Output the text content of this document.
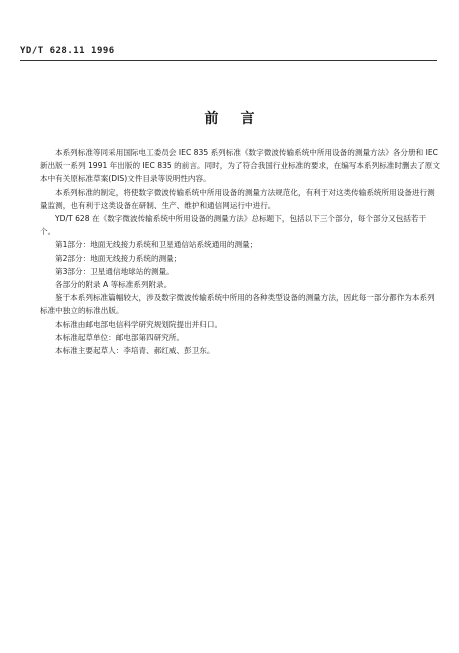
YD/T 628.11 1996
前言

本系列标准等同采用国际电工委员会 IEC 835 系列标准《数字微波传输系统中所用设备的测量方法》各分册和 IEC 新出版一系列 1991 年出版的 IEC 835 的前言。同时，为了符合我国行业标准的要求，在编写本系列标准时删去了原文本中有关原标准草案(DIS)文件目录等说明性内容。

本系列标准的制定，将使数字微波传输系统中所用设备的测量方法规范化，有利于对这类传输系统所用设备进行测量监测，也有利于这类设备在研制、生产、维护和通信网运行中进行。

YD/T 628 在《数字微波传输系统中所用设备的测量方法》总标题下，包括以下三个部分，每个部分又包括若干个。

第1部分：地面无线接力系统和卫星通信站系统通用的测量；

第2部分：地面无线接力系统的测量；

第3部分：卫星通信地球站的测量。

各部分的附录 A 等标准系列附录。

鉴于本系列标准篇幅较大，涉及数字微波传输系统中所用的各种类型设备的测量方法，因此每一部分都作为本系列标准中独立的标准出版。

本标准由邮电部电信科学研究规划院提出并归口。

本标准起草单位：邮电部第四研究所。

本标准主要起草人：李培青、郝红威、彭卫东。
